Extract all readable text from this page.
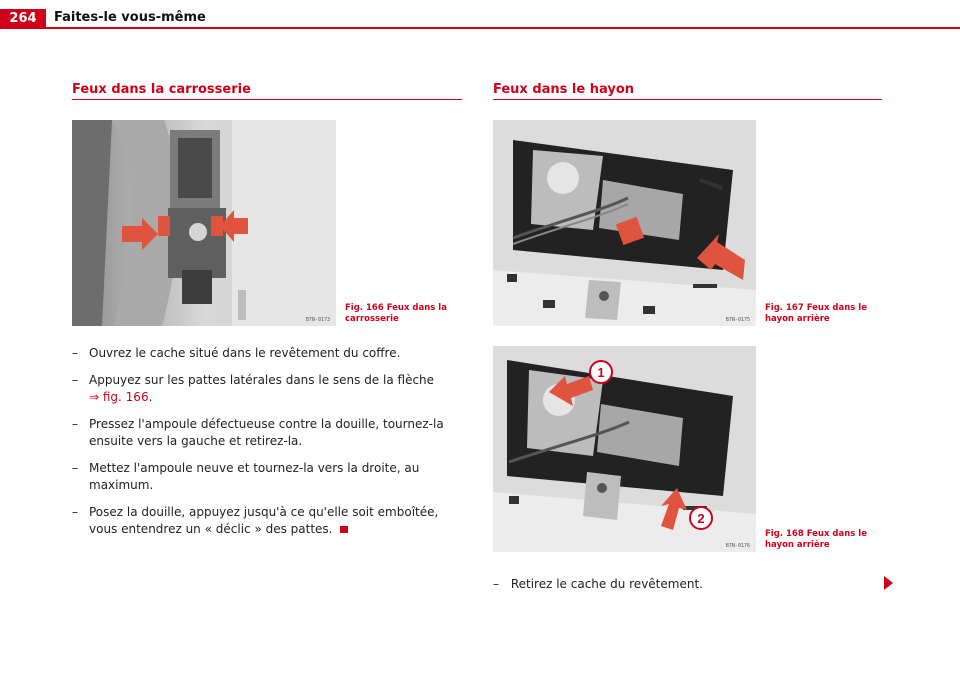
264	Faites-le vous-même
Feux dans la carrosserie
B7N-0173
Fig. 166 Feux dans la carrosserie
– Ouvrez le cache situé dans le revêtement du coffre.
– Appuyez sur les pattes latérales dans le sens de la flèche
⇒ fig. 166.
– Pressez l'ampoule défectueuse contre la douille, tournez-la ensuite vers la gauche et retirez-la.
– Mettez l'ampoule neuve et tournez-la vers la droite, au maximum.
– Posez la douille, appuyez jusqu'à ce qu'elle soit emboîtée, vous entendrez un « déclic » des pattes.
Feux dans le hayon
B7N-0175
Fig. 167 Feux dans le hayon arrière
1
2
B7N-0176
Fig. 168 Feux dans le hayon arrière
– Retirez le cache du revêtement.
